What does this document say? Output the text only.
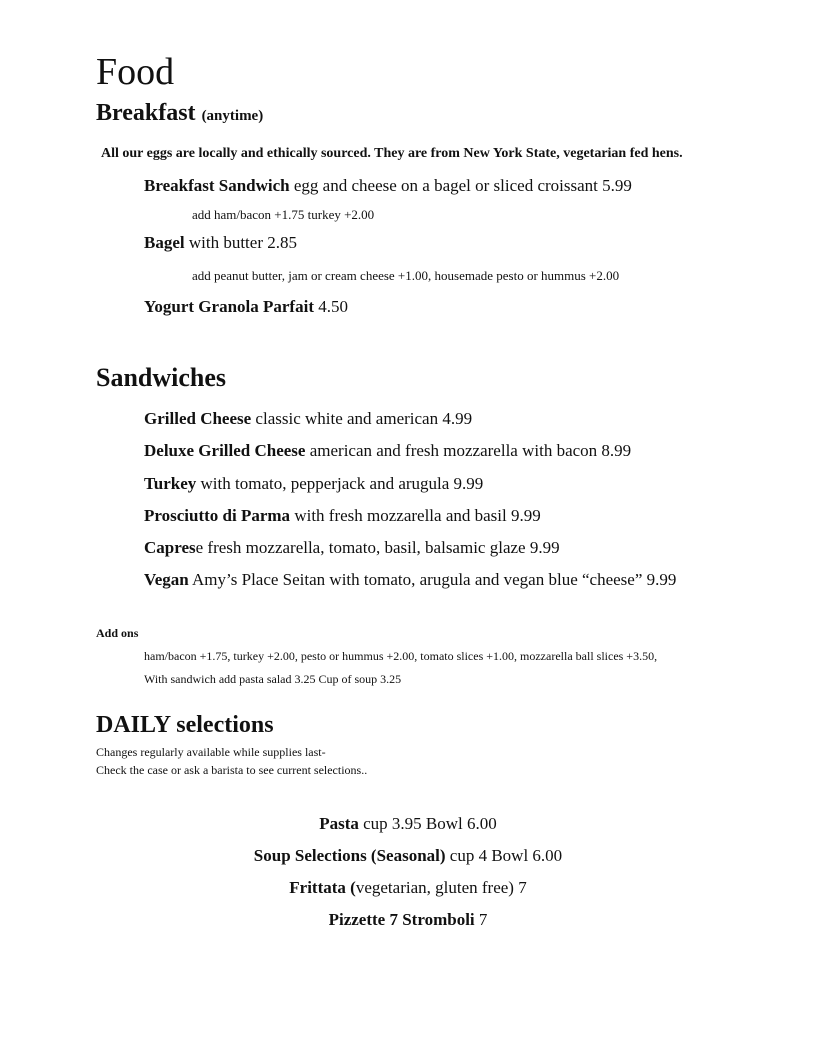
Food
Breakfast (anytime)
All our eggs are locally and ethically sourced. They are from New York State, vegetarian fed hens.
Breakfast Sandwich egg and cheese on a bagel or sliced croissant 5.99
add ham/bacon +1.75 turkey +2.00
Bagel with butter 2.85
add peanut butter, jam or cream cheese +1.00, housemade pesto or hummus +2.00
Yogurt Granola Parfait 4.50
Sandwiches
Grilled Cheese classic white and american 4.99
Deluxe Grilled Cheese american and fresh mozzarella with bacon 8.99
Turkey with tomato, pepperjack and arugula 9.99
Prosciutto di Parma with fresh mozzarella and basil 9.99
Caprese fresh mozzarella, tomato, basil, balsamic glaze 9.99
Vegan Amy’s Place Seitan with tomato, arugula and vegan blue “cheese” 9.99
Add ons
ham/bacon +1.75, turkey +2.00, pesto or hummus +2.00, tomato slices +1.00, mozzarella ball slices +3.50,
With sandwich add pasta salad 3.25 Cup of soup 3.25
DAILY selections
Changes regularly available while supplies last-
Check the case or ask a barista to see current selections..
Pasta cup 3.95 Bowl 6.00
Soup Selections (Seasonal) cup 4 Bowl 6.00
Frittata (vegetarian, gluten free) 7
Pizzette 7 Stromboli 7
